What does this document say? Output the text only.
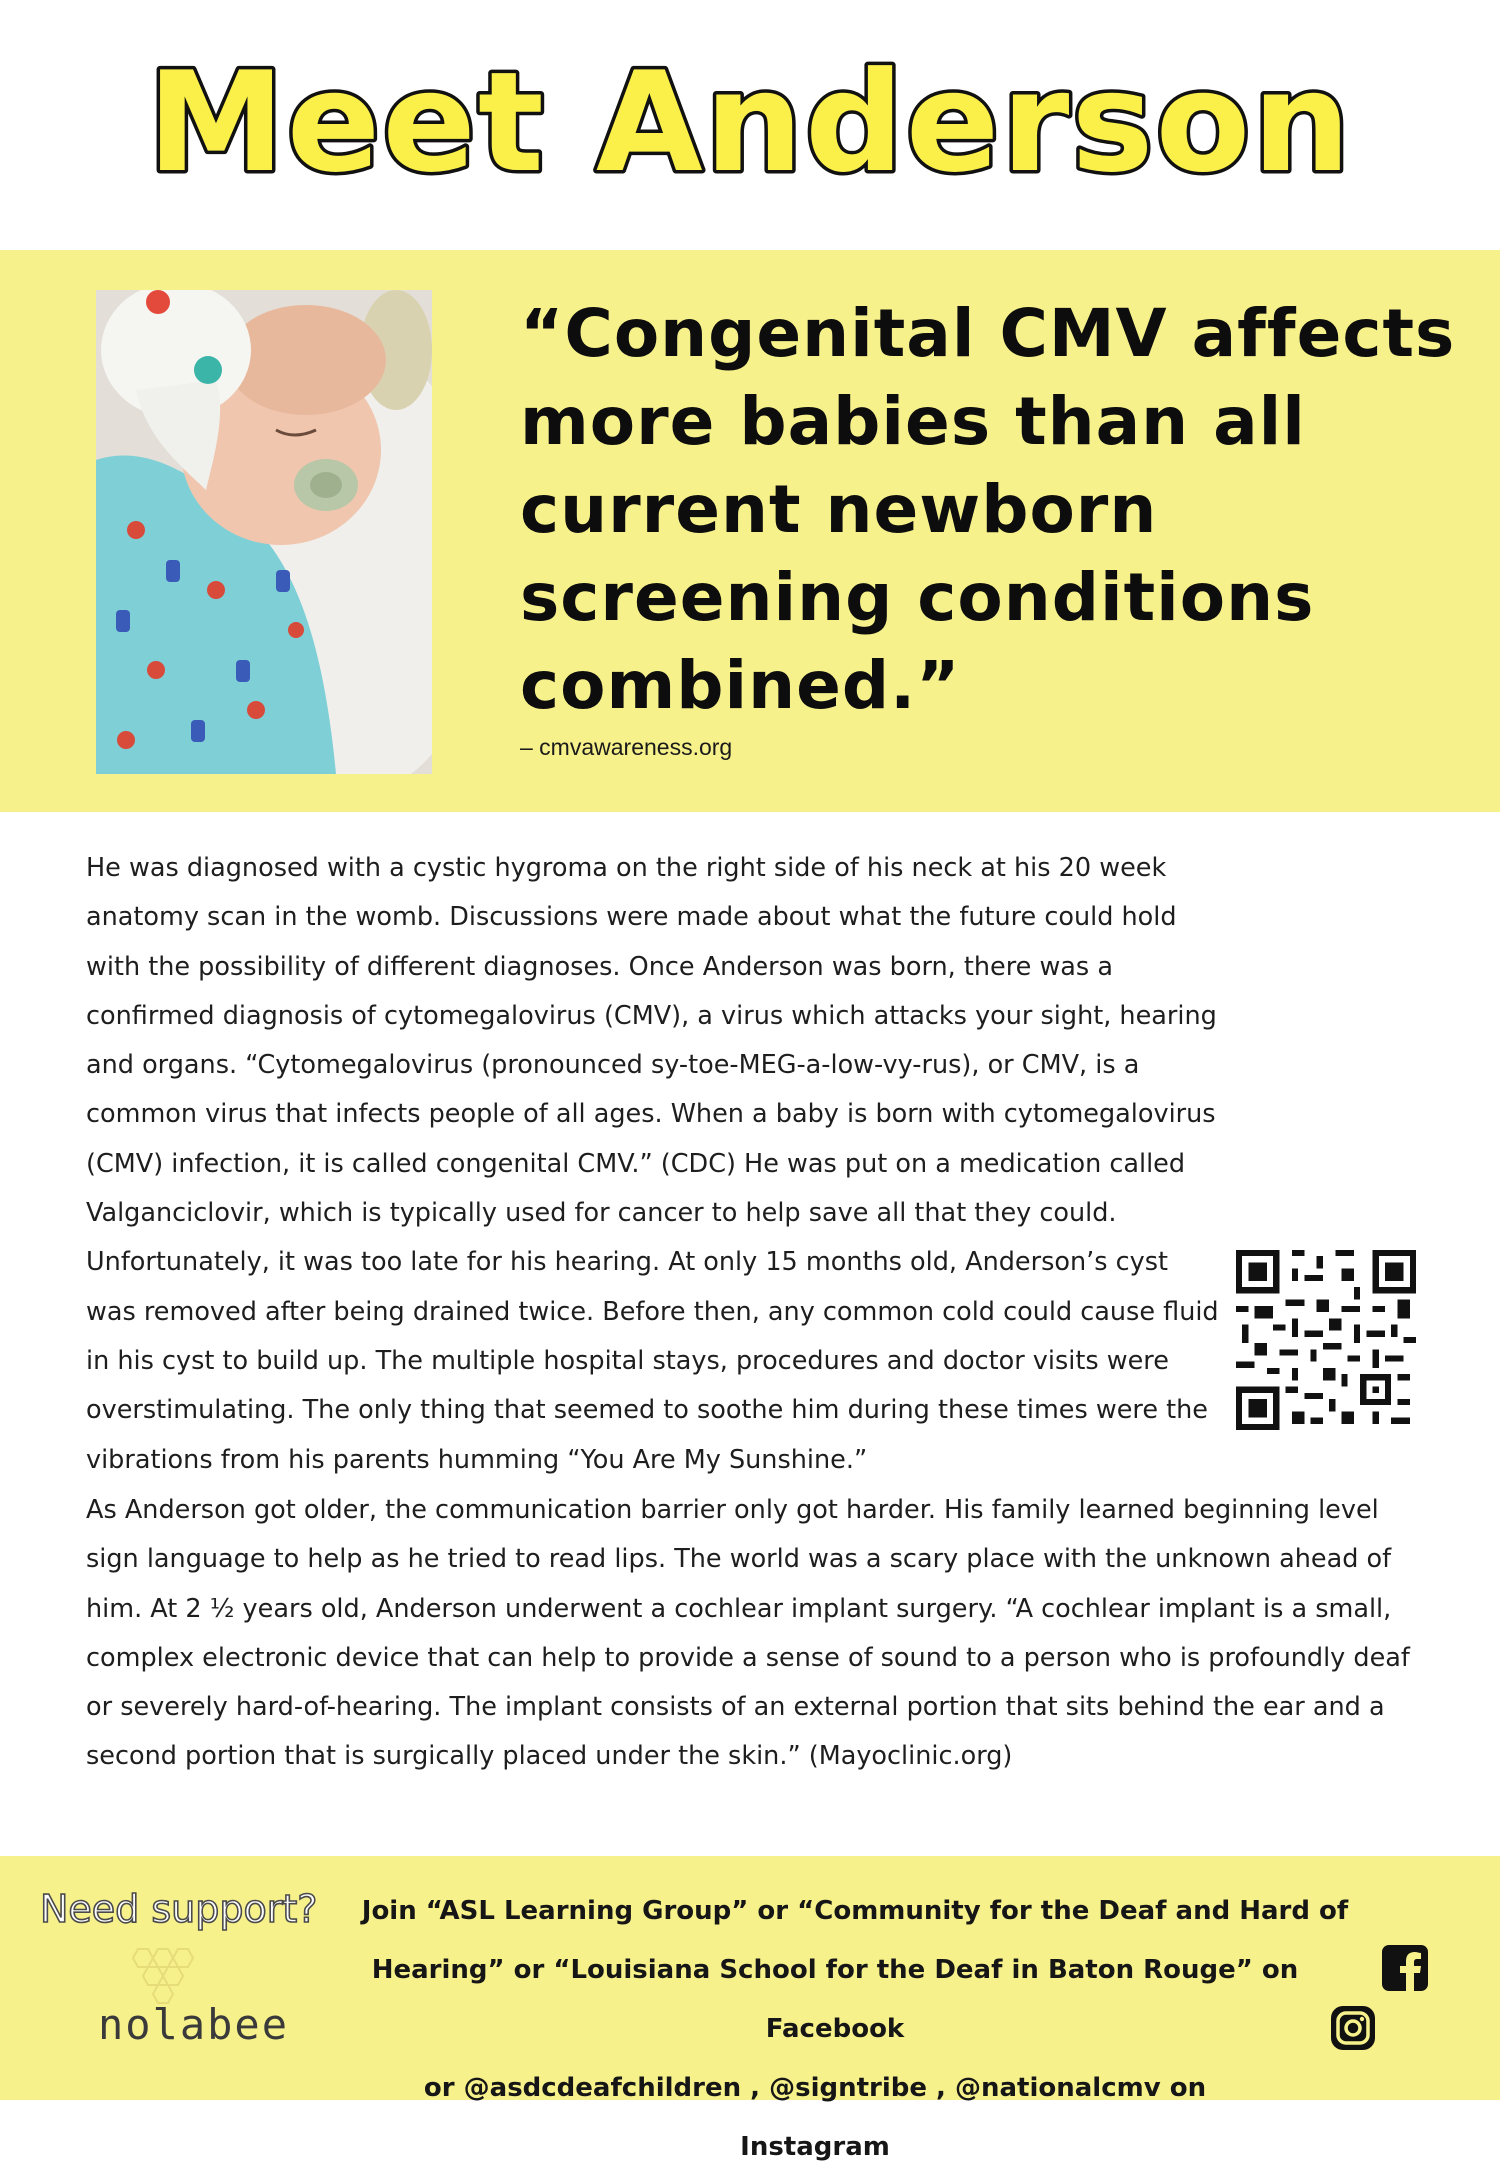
Meet Anderson

“Congenital CMV affects more babies than all current newborn screening conditions combined.”

– cmvawareness.org
He was diagnosed with a cystic hygroma on the right side of his neck at his 20 week anatomy scan in the womb. Discussions were made about what the future could hold with the possibility of different diagnoses. Once Anderson was born, there was a confirmed diagnosis of cytomegalovirus (CMV), a virus which attacks your sight, hearing and organs. “Cytomegalovirus (pronounced sy-toe-MEG-a-low-vy-rus), or CMV, is a common virus that infects people of all ages. When a baby is born with cytomegalovirus (CMV) infection, it is called congenital CMV.” (CDC) He was put on a medication called Valganciclovir, which is typically used for cancer to help save all that they could. Unfortunately, it was too late for his hearing. At only 15 months old, Anderson’s cyst was removed after being drained twice. Before then, any common cold could cause fluid in his cyst to build up. The multiple hospital stays, procedures and doctor visits were overstimulating. The only thing that seemed to soothe him during these times were the vibrations from his parents humming “You Are My Sunshine.”

As Anderson got older, the communication barrier only got harder. His family learned beginning level sign language to help as he tried to read lips. The world was a scary place with the unknown ahead of him. At 2 ½ years old, Anderson underwent a cochlear implant surgery. “A cochlear implant is a small, complex electronic device that can help to provide a sense of sound to a person who is profoundly deaf or severely hard-of-hearing. The implant consists of an external portion that sits behind the ear and a second portion that is surgically placed under the skin.” (Mayoclinic.org)

Need support?
nolabee
Join “ASL Learning Group” or “Community for the Deaf and Hard of
Hearing” or “Louisiana School for the Deaf in Baton Rouge” on Facebook
or @asdcdeafchildren , @signtribe , @nationalcmv on Instagram
